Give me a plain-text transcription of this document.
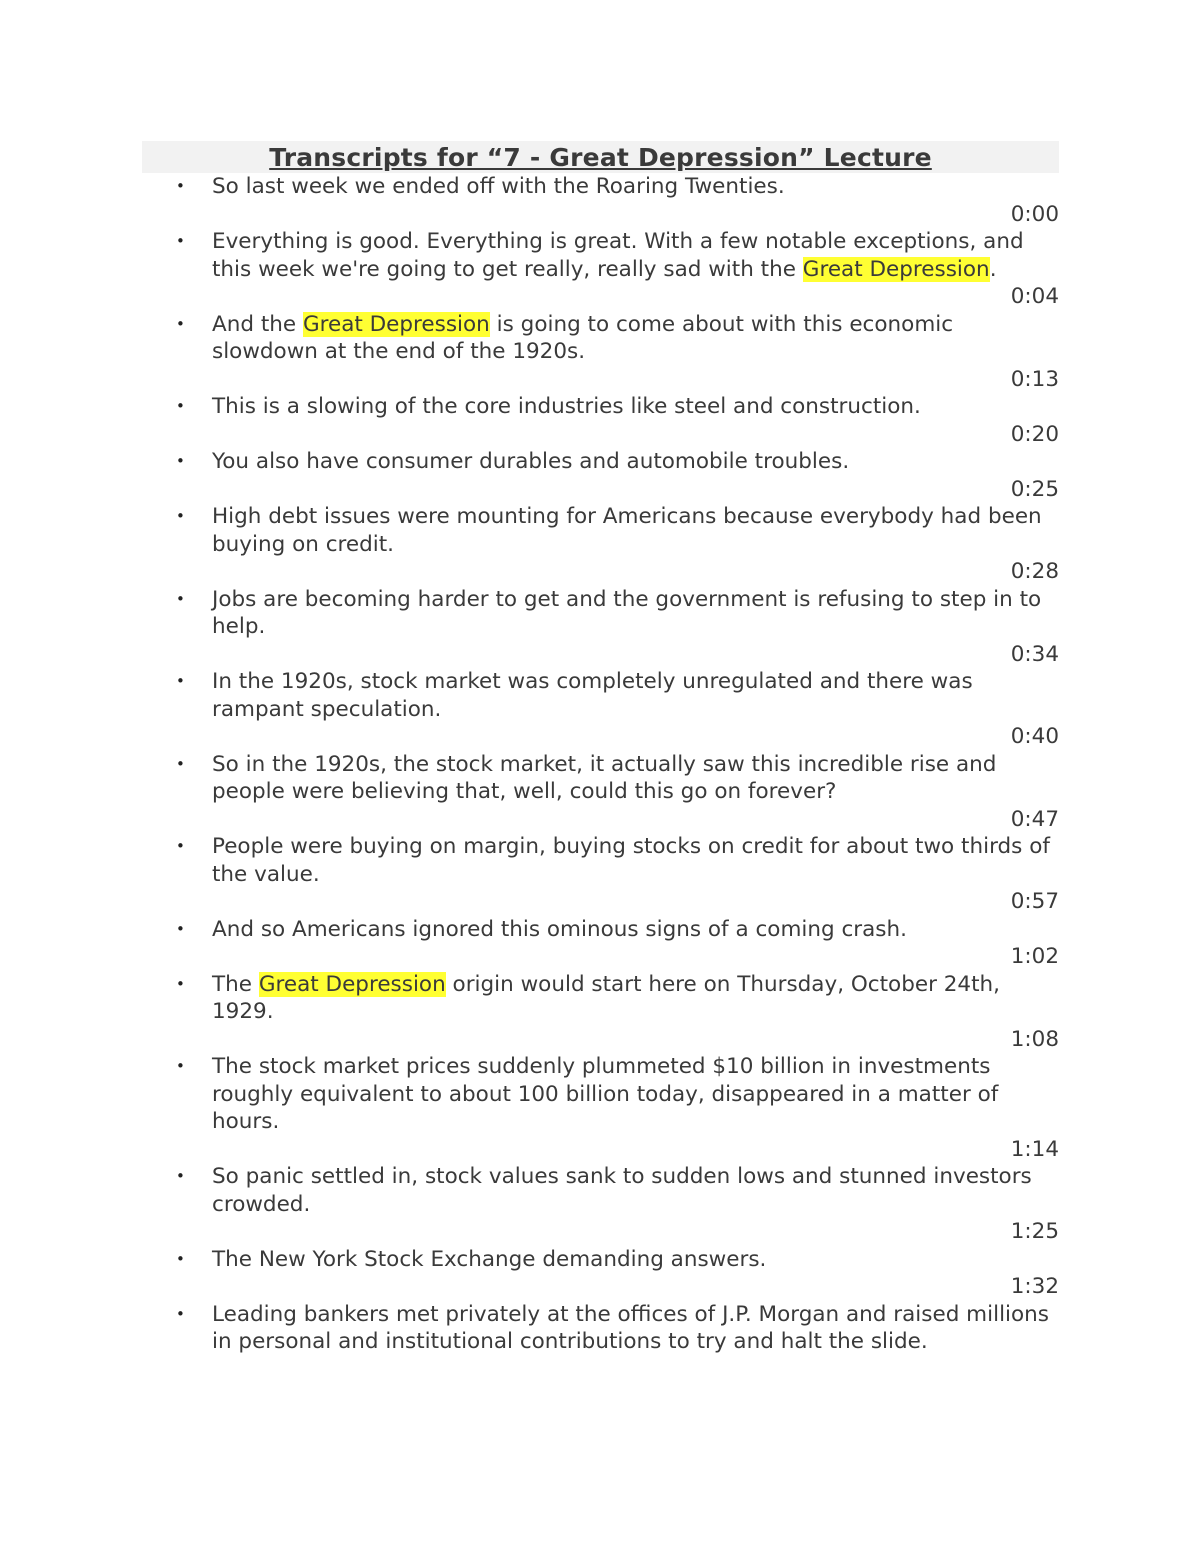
Transcripts for “7 - Great Depression” Lecture
• So last week we ended off with the Roaring Twenties.
0:00
• Everything is good. Everything is great. With a few notable exceptions, and this week we're going to get really, really sad with the Great Depression.
0:04
• And the Great Depression is going to come about with this economic slowdown at the end of the 1920s.
0:13
• This is a slowing of the core industries like steel and construction.
0:20
• You also have consumer durables and automobile troubles.
0:25
• High debt issues were mounting for Americans because everybody had been buying on credit.
0:28
• Jobs are becoming harder to get and the government is refusing to step in to help.
0:34
• In the 1920s, stock market was completely unregulated and there was rampant speculation.
0:40
• So in the 1920s, the stock market, it actually saw this incredible rise and people were believing that, well, could this go on forever?
0:47
• People were buying on margin, buying stocks on credit for about two thirds of the value.
0:57
• And so Americans ignored this ominous signs of a coming crash.
1:02
• The Great Depression origin would start here on Thursday, October 24th, 1929.
1:08
• The stock market prices suddenly plummeted $10 billion in investments roughly equivalent to about 100 billion today, disappeared in a matter of hours.
1:14
• So panic settled in, stock values sank to sudden lows and stunned investors crowded.
1:25
• The New York Stock Exchange demanding answers.
1:32
• Leading bankers met privately at the offices of J.P. Morgan and raised millions in personal and institutional contributions to try and halt the slide.
